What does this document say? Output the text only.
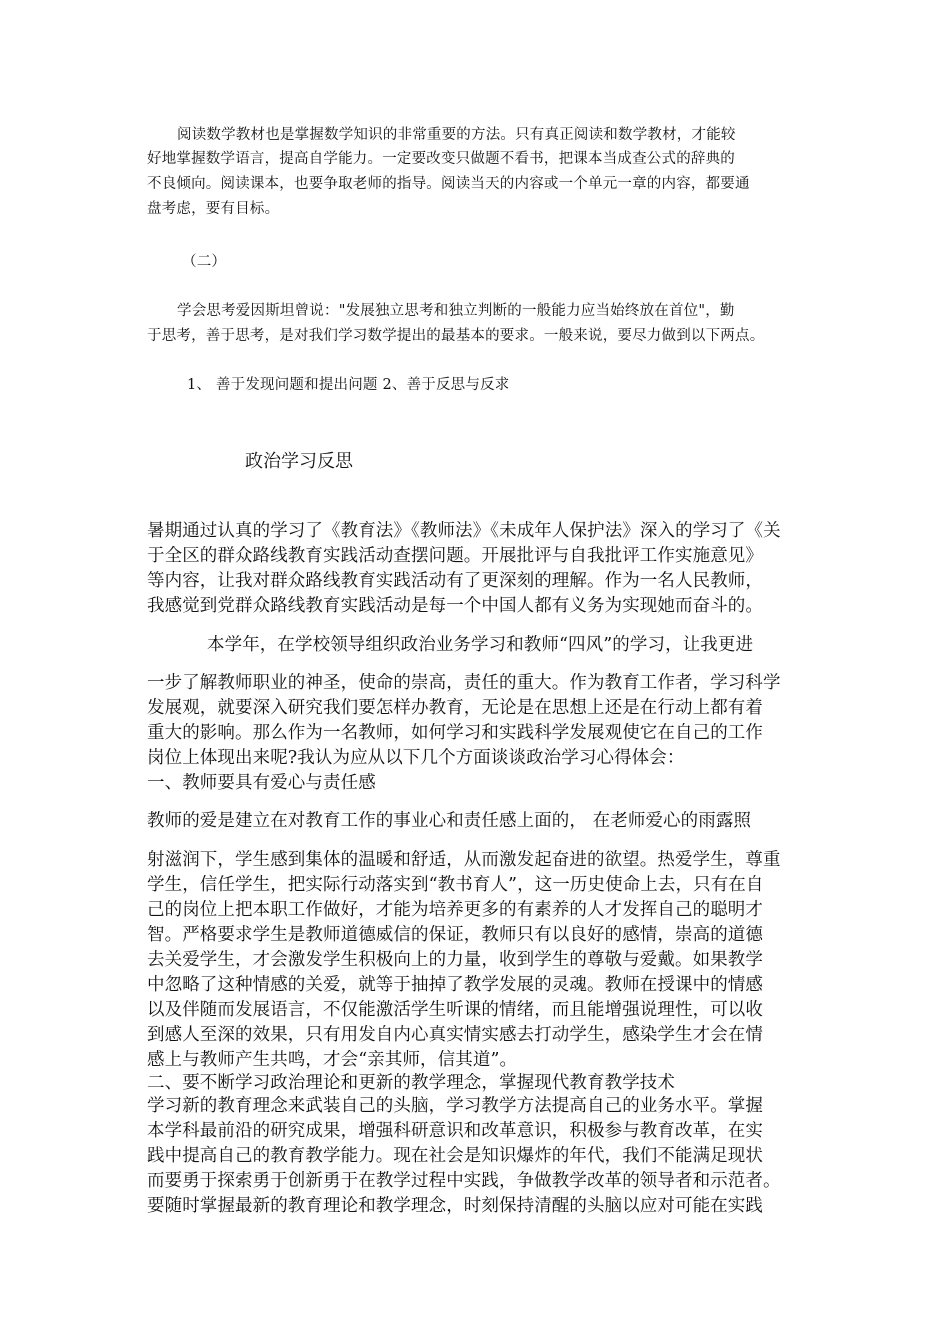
阅读数学教材也是掌握数学知识的非常重要的方法。只有真正阅读和数学教材，才能较

好地掌握数学语言，提高自学能力。一定要改变只做题不看书，把课本当成查公式的辞典的

不良倾向。阅读课本，也要争取老师的指导。阅读当天的内容或一个单元一章的内容，都要通

盘考虑，要有目标。

（二）

学会思考爱因斯坦曾说："发展独立思考和独立判断的一般能力应当始终放在首位"，勤

于思考，善于思考，是对我们学习数学提出的最基本的要求。一般来说，要尽力做到以下两点。

1、 善于发现问题和提出问题 2、善于反思与反求

政治学习反思

暑期通过认真的学习了《教育法》《教师法》《未成年人保护法》深入的学习了《关

于全区的群众路线教育实践活动查摆问题。开展批评与自我批评工作实施意见》

等内容，让我对群众路线教育实践活动有了更深刻的理解。作为一名人民教师，

我感觉到党群众路线教育实践活动是每一个中国人都有义务为实现她而奋斗的。

本学年，在学校领导组织政治业务学习和教师“四风”的学习，让我更进

一步了解教师职业的神圣，使命的崇高，责任的重大。作为教育工作者，学习科学

发展观，就要深入研究我们要怎样办教育，无论是在思想上还是在行动上都有着

重大的影响。那么作为一名教师，如何学习和实践科学发展观使它在自己的工作

岗位上体现出来呢?我认为应从以下几个方面谈谈政治学习心得体会：

一、教师要具有爱心与责任感

教师的爱是建立在对教育工作的事业心和责任感上面的， 在老师爱心的雨露照

射滋润下，学生感到集体的温暖和舒适，从而激发起奋进的欲望。热爱学生，尊重

学生，信任学生，把实际行动落实到“教书育人”，这一历史使命上去，只有在自

己的岗位上把本职工作做好，才能为培养更多的有素养的人才发挥自己的聪明才

智。严格要求学生是教师道德威信的保证，教师只有以良好的感情，崇高的道德

去关爱学生，才会激发学生积极向上的力量，收到学生的尊敬与爱戴。如果教学

中忽略了这种情感的关爱，就等于抽掉了教学发展的灵魂。教师在授课中的情感

以及伴随而发展语言，不仅能激活学生听课的情绪，而且能增强说理性，可以收

到感人至深的效果，只有用发自内心真实情实感去打动学生，感染学生才会在情

感上与教师产生共鸣，才会“亲其师，信其道”。

二、要不断学习政治理论和更新的教学理念，掌握现代教育教学技术

学习新的教育理念来武装自己的头脑，学习教学方法提高自己的业务水平。掌握

本学科最前沿的研究成果，增强科研意识和改革意识，积极参与教育改革，在实

践中提高自己的教育教学能力。现在社会是知识爆炸的年代，我们不能满足现状

而要勇于探索勇于创新勇于在教学过程中实践，争做教学改革的领导者和示范者。

要随时掌握最新的教育理论和教学理念，时刻保持清醒的头脑以应对可能在实践
